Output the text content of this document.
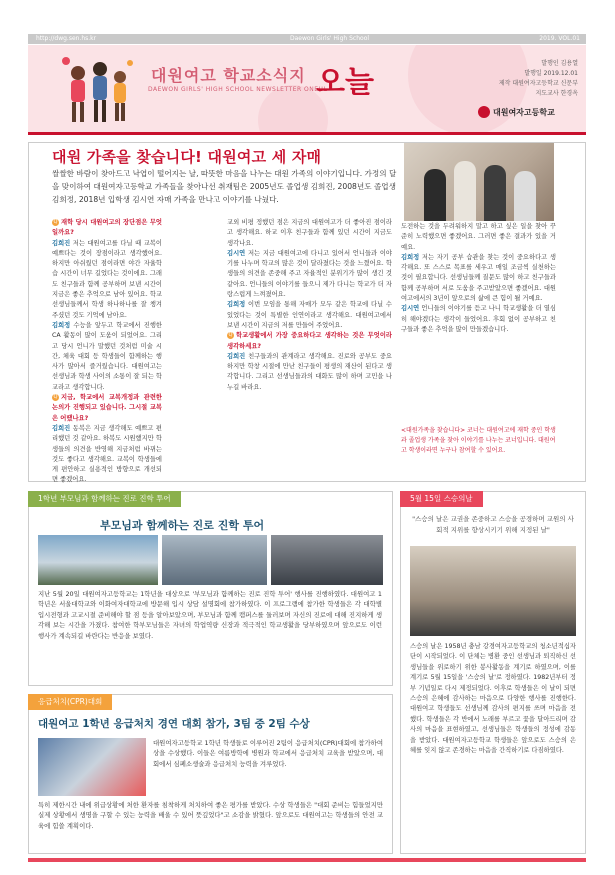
http://dwg.sen.hs.kr	Daewon Girls' High School	2019. VOL.01
대원여고 학교소식지
DAEWON GIRLS' HIGH SCHOOL NEWSLETTER ONEUL
오늘
발행인 김용열
발행일 2019.12.01
제작 대원여자고등학교 신문부
지도교사 한경옥
대원여자고등학교
대원 가족을 찾습니다! 대원여고 세 자매
쌀쌀한 바람이 찾아드고 낙엽이 떨어지는 날, 따뜻한 마음을 나누는 대원 가족의 이야기입니다. 가정의 달을 맞이하여 대원여자고등학교 가족들을 찾아나선 취재팀은 2005년도 졸업생 김희진, 2008년도 졸업생 김희정, 2018년 입학생 김시연 자매 가족을 만나고 이야기를 나눴다.

Q 재학 당시 대원여고의 장단점은 무엇일까요?

김희진 저는 대원여고를 다닐 때 교복이 예쁘다는 것이 장점이라고 생각했어요. 하지만 아쉬웠던 점이라면 야간 자율학습 시간이 너무 길었다는 것이에요. 그래도 친구들과 함께 공부하며 보낸 시간이 지금은 좋은 추억으로 남아 있어요. 학교 선생님들께서 학생 하나하나를 잘 챙겨주셨던 것도 기억에 남아요.

김희정 수능을 앞두고 학교에서 진행한 CA 활동이 많이 도움이 되었어요. 그리고 당시 언니가 말했던 것처럼 미술 시간, 체육 대회 등 학생들이 함께하는 행사가 많아서 즐거웠습니다. 대원여고는 선생님과 학생 사이의 소통이 잘 되는 학교라고 생각합니다.

Q 지금, 학교에서 교복개정과 관련한 논의가 진행되고 있습니다. 그시절 교복은 어땠나요?

김희진 동복은 지금 생각해도 예쁘고 편리했던 것 같아요. 하복도 시원했지만 학생들의 의견을 반영해 지금처럼 바뀌는 것도 좋다고 생각해요. 교복이 학생들에게 편안하고 실용적인 방향으로 개선되면 좋겠어요.

교외 비평 정했던 점은 지금의 대원여고가 더 좋아진 점이라고 생각해요. 하교 이후 친구들과 함께 있던 시간이 지금도 생각나요.

김시연 저는 지금 대원여고에 다니고 있어서 언니들과 이야기를 나누며 학교의 많은 것이 달라졌다는 것을 느꼈어요. 학생들의 의견을 존중해 주고 자율적인 분위기가 많이 생긴 것 같아요. 언니들의 이야기를 들으니 제가 다니는 학교가 더 자랑스럽게 느껴졌어요.

김희정 이번 모임을 통해 자매가 모두 같은 학교에 다닐 수 있었다는 것이 특별한 인연이라고 생각해요. 대원여고에서 보낸 시간이 지금의 저를 만들어 주었어요.

Q 학교생활에서 가장 중요하다고 생각하는 것은 무엇이라 생각하세요?

김희진 친구들과의 관계라고 생각해요. 진로와 공부도 중요하지만 학창 시절에 만난 친구들이 평생의 재산이 된다고 생각합니다. 그리고 선생님들과의 대화도 많이 하며 고민을 나누길 바라요.

도전하는 것을 두려워하지 말고 하고 싶은 일을 찾아 꾸준히 노력했으면 좋겠어요. 그러면 좋은 결과가 있을 거예요.

김희정 저는 자기 공부 습관을 찾는 것이 중요하다고 생각해요. 또 스스로 목표를 세우고 매일 조금씩 실천하는 것이 필요합니다. 선생님들께 질문도 많이 하고 친구들과 함께 공부하며 서로 도움을 주고받았으면 좋겠어요. 대원여고에서의 3년이 앞으로의 삶에 큰 힘이 될 거예요.

김시연 언니들의 이야기를 듣고 나니 학교생활을 더 열심히 해야겠다는 생각이 들었어요. 후회 없이 공부하고 친구들과 좋은 추억을 많이 만들겠습니다.

<대원가족을 찾습니다> 코너는 대원여고에 재학 중인 학생과 졸업생 가족을 찾아 이야기를 나누는 코너입니다. 대원여고 학생이라면 누구나 참여할 수 있어요.
1학년 부모님과 함께하는 진로 진학 투어
부모님과 함께하는 진로 진학 투어
지난 5월 20일 대원여자고등학교는 1학년을 대상으로 '부모님과 함께하는 진로 진학 투어' 행사를 진행하였다. 대원여고 1학년은 서울대학교와 이화여자대학교에 방문해 입시 상담 설명회에 참가하였다. 이 프로그램에 참가한 학생들은 각 대학별 입시전형과 고교시절 준비해야 할 점 등을 알아보았으며, 부모님과 함께 캠퍼스를 둘러보며 자신의 진로에 대해 진지하게 생각해 보는 시간을 가졌다. 참여한 학부모님들은 자녀의 학업역량 신장과 적극적인 학교생활을 당부하였으며 앞으로도 이런 행사가 계속되길 바란다는 반응을 보였다.
응급처치(CPR)대회
대원여고 1학년 응급처치 경연 대회 참가, 3팀 중 2팀 수상
대원여자고등학교 1학년 학생들로 이루어진 2팀이 응급처치(CPR)대회에 참가하여 상을 수상했다. 이들은 여름방학에 병원과 학교에서 응급처치 교육을 받았으며, 대회에서 심폐소생술과 응급처치 능력을 겨루었다.
특히 제한시간 내에 위급상황에 처한 환자를 침착하게 처치하여 좋은 평가를 받았다. 수상 학생들은 "대회 준비는 힘들었지만 실제 상황에서 생명을 구할 수 있는 능력을 배울 수 있어 뜻깊었다"고 소감을 밝혔다. 앞으로도 대원여고는 학생들의 안전 교육에 힘쓸 계획이다.
5월 15일 스승의날
"스승의 날은 교권을 존중하고 스승을 공경하며 교원의 사회적 지위를 향상시키기 위해 지정된 날"
스승의 날은 1958년 충남 강경여자고등학교의 청소년적십자단이 시작되었다. 이 단체는 병환 중인 선생님과 퇴직하신 선생님들을 위로하기 위한 봉사활동을 계기로 하였으며, 이를 계기로 5월 15일을 '스승의 날'로 정하였다. 1982년부터 정부 기념일로 다시 제정되었다. 이후로 학생들은 이 날이 되면 스승의 은혜에 감사하는 마음으로 다양한 행사를 진행한다. 대원여고 학생들도 선생님께 감사의 편지를 쓰며 마음을 전했다. 학생들은 각 반에서 노래를 부르고 꽃을 달아드리며 감사의 마음을 표현하였고, 선생님들은 학생들의 정성에 감동을 받았다. 대원여자고등학교 학생들은 앞으로도 스승의 은혜를 잊지 않고 존경하는 마음을 간직하기로 다짐하였다.
